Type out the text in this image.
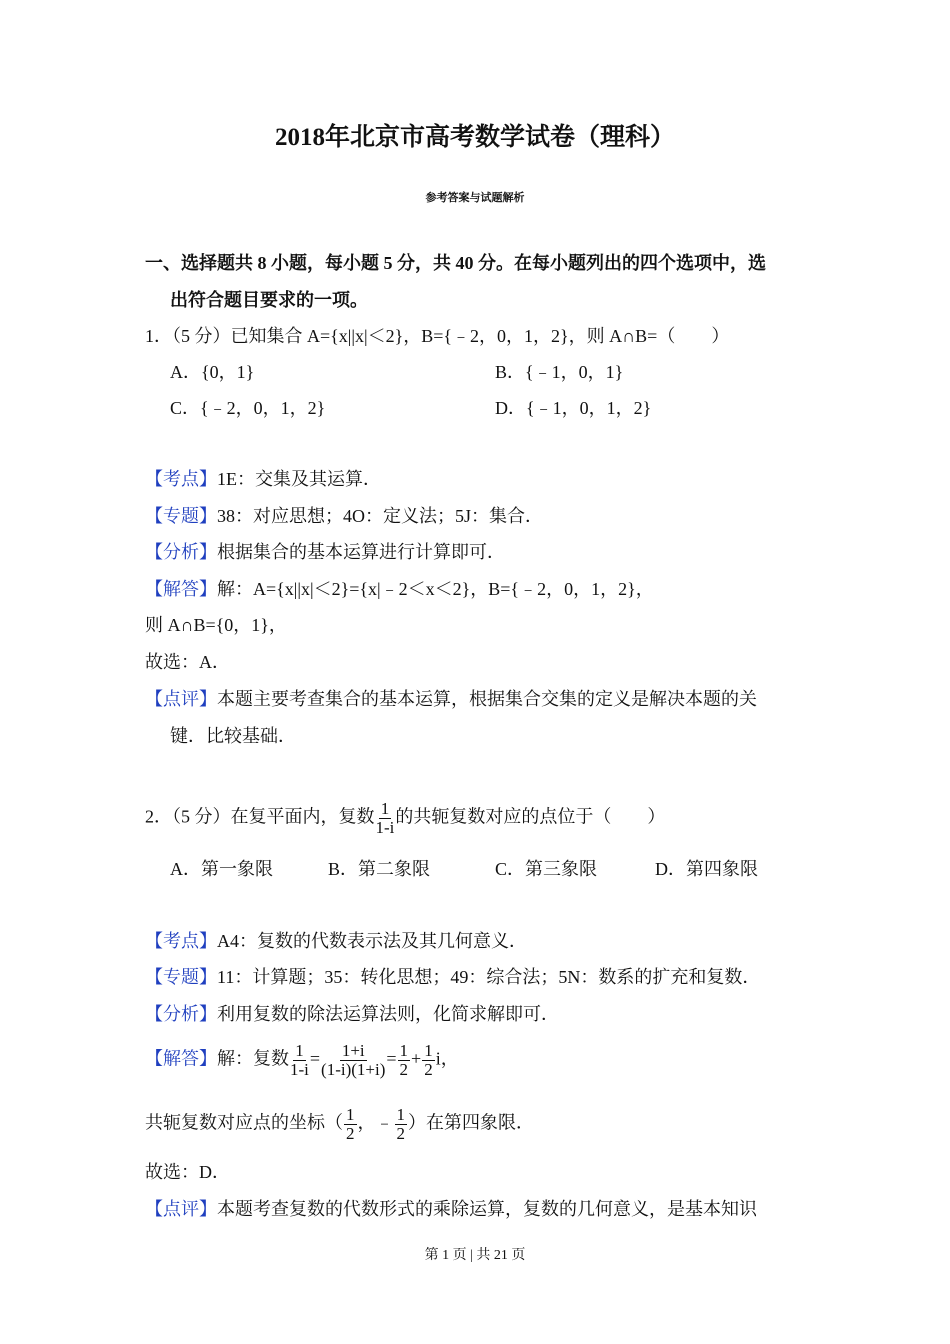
2018年北京市高考数学试卷（理科）
参考答案与试题解析
一、选择题共 8 小题，每小题 5 分，共 40 分。在每小题列出的四个选项中，选
出符合题目要求的一项。
1．（5 分）已知集合 A={x||x|＜2}，B={﹣2，0，1，2}，则 A∩B=（　　）
A．{0，1}	B．{﹣1，0，1}
C．{﹣2，0，1，2}	D．{﹣1，0，1，2}
【考点】1E：交集及其运算．
【专题】38：对应思想；4O：定义法；5J：集合．
【分析】根据集合的基本运算进行计算即可．
【解答】解：A={x||x|＜2}={x|﹣2＜x＜2}，B={﹣2，0，1，2}，
则 A∩B={0，1}，
故选：A．
【点评】本题主要考查集合的基本运算，根据集合交集的定义是解决本题的关
键．比较基础．
2．（5 分）在复平面内，复数 $\frac{1}{1-i}$ 的共轭复数对应的点位于（　　）
A．第一象限	B．第二象限	C．第三象限	D．第四象限
【考点】A4：复数的代数表示法及其几何意义．
【专题】11：计算题；35：转化思想；49：综合法；5N：数系的扩充和复数．
【分析】利用复数的除法运算法则，化简求解即可．
【解答】解：复数 $\frac{1}{1-i} = \frac{1+i}{(1-i)(1+i)} = \frac{1}{2} + \frac{1}{2}$ i，
共轭复数对应点的坐标（ $\frac{1}{2}$ ，﹣ $\frac{1}{2}$ ）在第四象限．
故选：D．
【点评】本题考查复数的代数形式的乘除运算，复数的几何意义，是基本知识
第 1 页 | 共 21 页
